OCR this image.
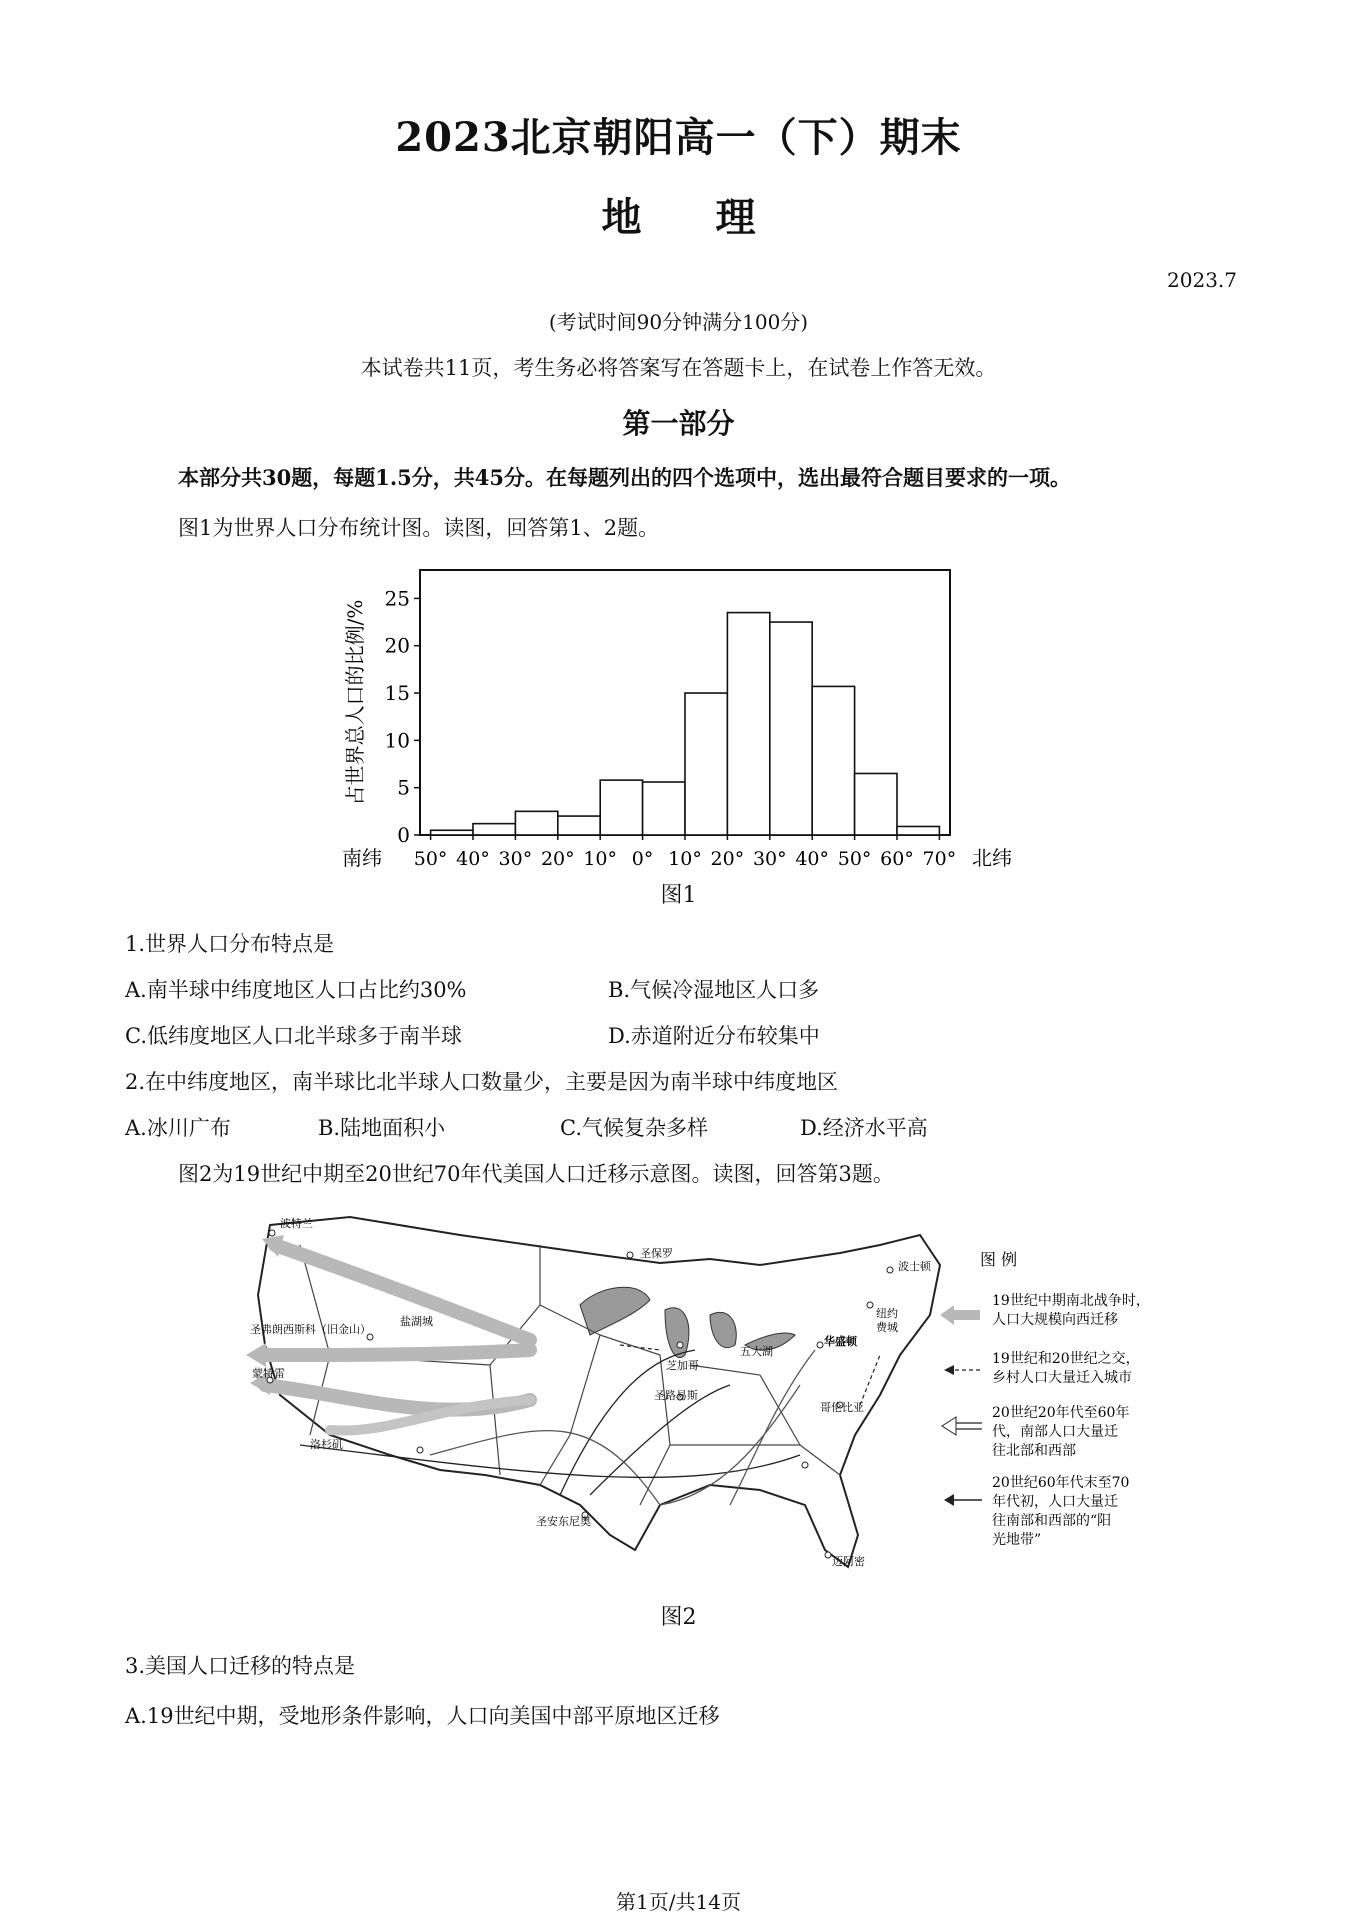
2023北京朝阳高一（下）期末
地 理
2023.7
(考试时间90分钟满分100分)
本试卷共11页，考生务必将答案写在答题卡上，在试卷上作答无效。
第一部分
本部分共30题，每题1.5分，共45分。在每题列出的四个选项中，选出最符合题目要求的一项。
图1为世界人口分布统计图。读图，回答第1、2题。
0
5
10
15
20
25
50° 40° 30° 20° 10° 0° 10° 20° 30° 40° 50° 60° 70°
南纬	北纬
占世界总人口的比例/%
图1
1.世界人口分布特点是
A.南半球中纬度地区人口占比约30%	B.气候冷湿地区人口多
C.低纬度地区人口北半球多于南半球	D.赤道附近分布较集中
2.在中纬度地区，南半球比北半球人口数量少，主要是因为南半球中纬度地区
A.冰川广布	B.陆地面积小	C.气候复杂多样	D.经济水平高
图2为19世纪中期至20世纪70年代美国人口迁移示意图。读图，回答第3题。
波特兰
圣保罗
盐湖城
圣弗朗西斯科（旧金山）
芝加哥
五大湖
波士顿
纽约
费城
蒙特雷
圣路易斯
华盛顿
洛杉矶
哥伦比亚
圣安东尼奥
迈阿密
图 例
19世纪中期南北战争时，
人口大规模向西迁移
19世纪和20世纪之交，
乡村人口大量迁入城市
20世纪20年代至60年
代，南部人口大量迁
往北部和西部
20世纪60年代末至70
年代初，人口大量迁
往南部和西部的“阳
光地带”
图2
3.美国人口迁移的特点是
A.19世纪中期，受地形条件影响，人口向美国中部平原地区迁移
第1页/共14页
